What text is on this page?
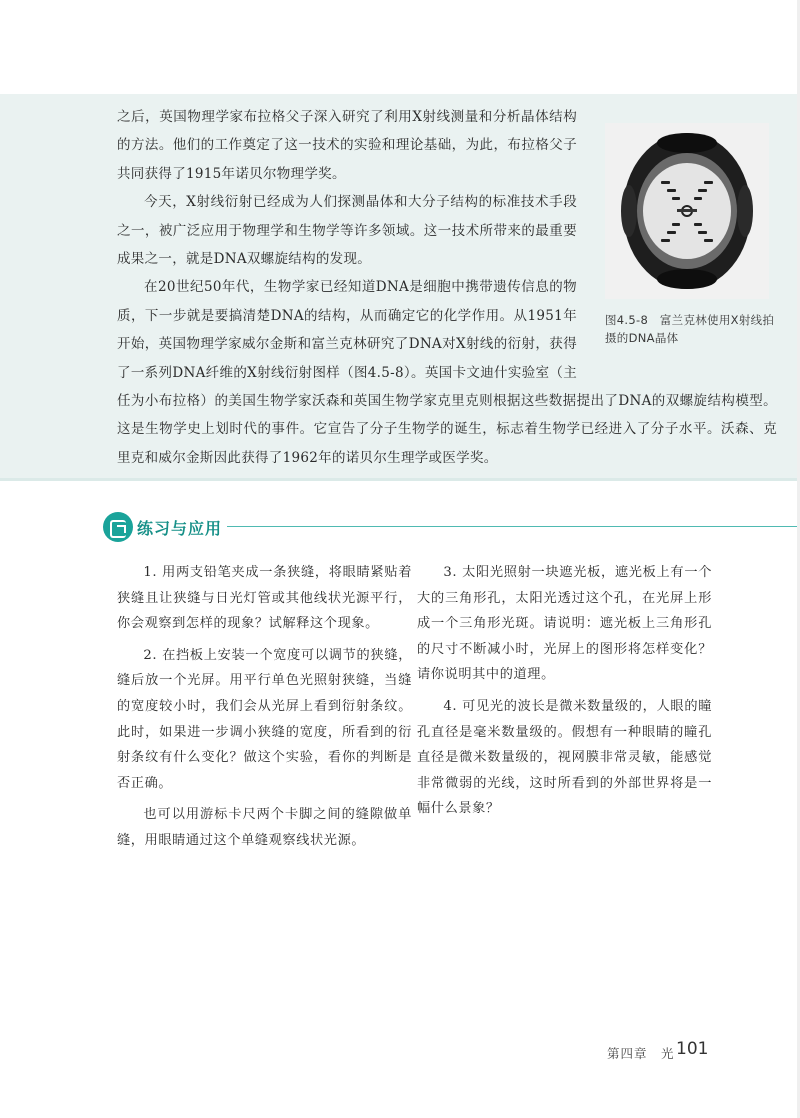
图4.5-8　富兰克林使用X射线拍摄的DNA晶体

之后，英国物理学家布拉格父子深入研究了利用X射线测量和分析晶体结构的方法。他们的工作奠定了这一技术的实验和理论基础，为此，布拉格父子共同获得了1915年诺贝尔物理学奖。

今天，X射线衍射已经成为人们探测晶体和大分子结构的标准技术手段之一，被广泛应用于物理学和生物学等许多领域。这一技术所带来的最重要成果之一，就是DNA双螺旋结构的发现。

在20世纪50年代，生物学家已经知道DNA是细胞中携带遗传信息的物质，下一步就是要搞清楚DNA的结构，从而确定它的化学作用。从1951年开始，英国物理学家威尔金斯和富兰克林研究了DNA对X射线的衍射，获得了一系列DNA纤维的X射线衍射图样（图4.5-8）。英国卡文迪什实验室（主任为小布拉格）的美国生物学家沃森和英国生物学家克里克则根据这些数据提出了DNA的双螺旋结构模型。这是生物学史上划时代的事件。它宣告了分子生物学的诞生，标志着生物学已经进入了分子水平。沃森、克里克和威尔金斯因此获得了1962年的诺贝尔生理学或医学奖。

练习与应用

1. 用两支铅笔夹成一条狭缝，将眼睛紧贴着狭缝且让狭缝与日光灯管或其他线状光源平行，你会观察到怎样的现象？试解释这个现象。

2. 在挡板上安装一个宽度可以调节的狭缝，缝后放一个光屏。用平行单色光照射狭缝，当缝的宽度较小时，我们会从光屏上看到衍射条纹。此时，如果进一步调小狭缝的宽度，所看到的衍射条纹有什么变化？做这个实验，看你的判断是否正确。

也可以用游标卡尺两个卡脚之间的缝隙做单缝，用眼睛通过这个单缝观察线状光源。

3. 太阳光照射一块遮光板，遮光板上有一个大的三角形孔，太阳光透过这个孔，在光屏上形成一个三角形光斑。请说明：遮光板上三角形孔的尺寸不断减小时，光屏上的图形将怎样变化？请你说明其中的道理。

4. 可见光的波长是微米数量级的，人眼的瞳孔直径是毫米数量级的。假想有一种眼睛的瞳孔直径是微米数量级的，视网膜非常灵敏，能感觉非常微弱的光线，这时所看到的外部世界将是一幅什么景象？

第四章　光 101
